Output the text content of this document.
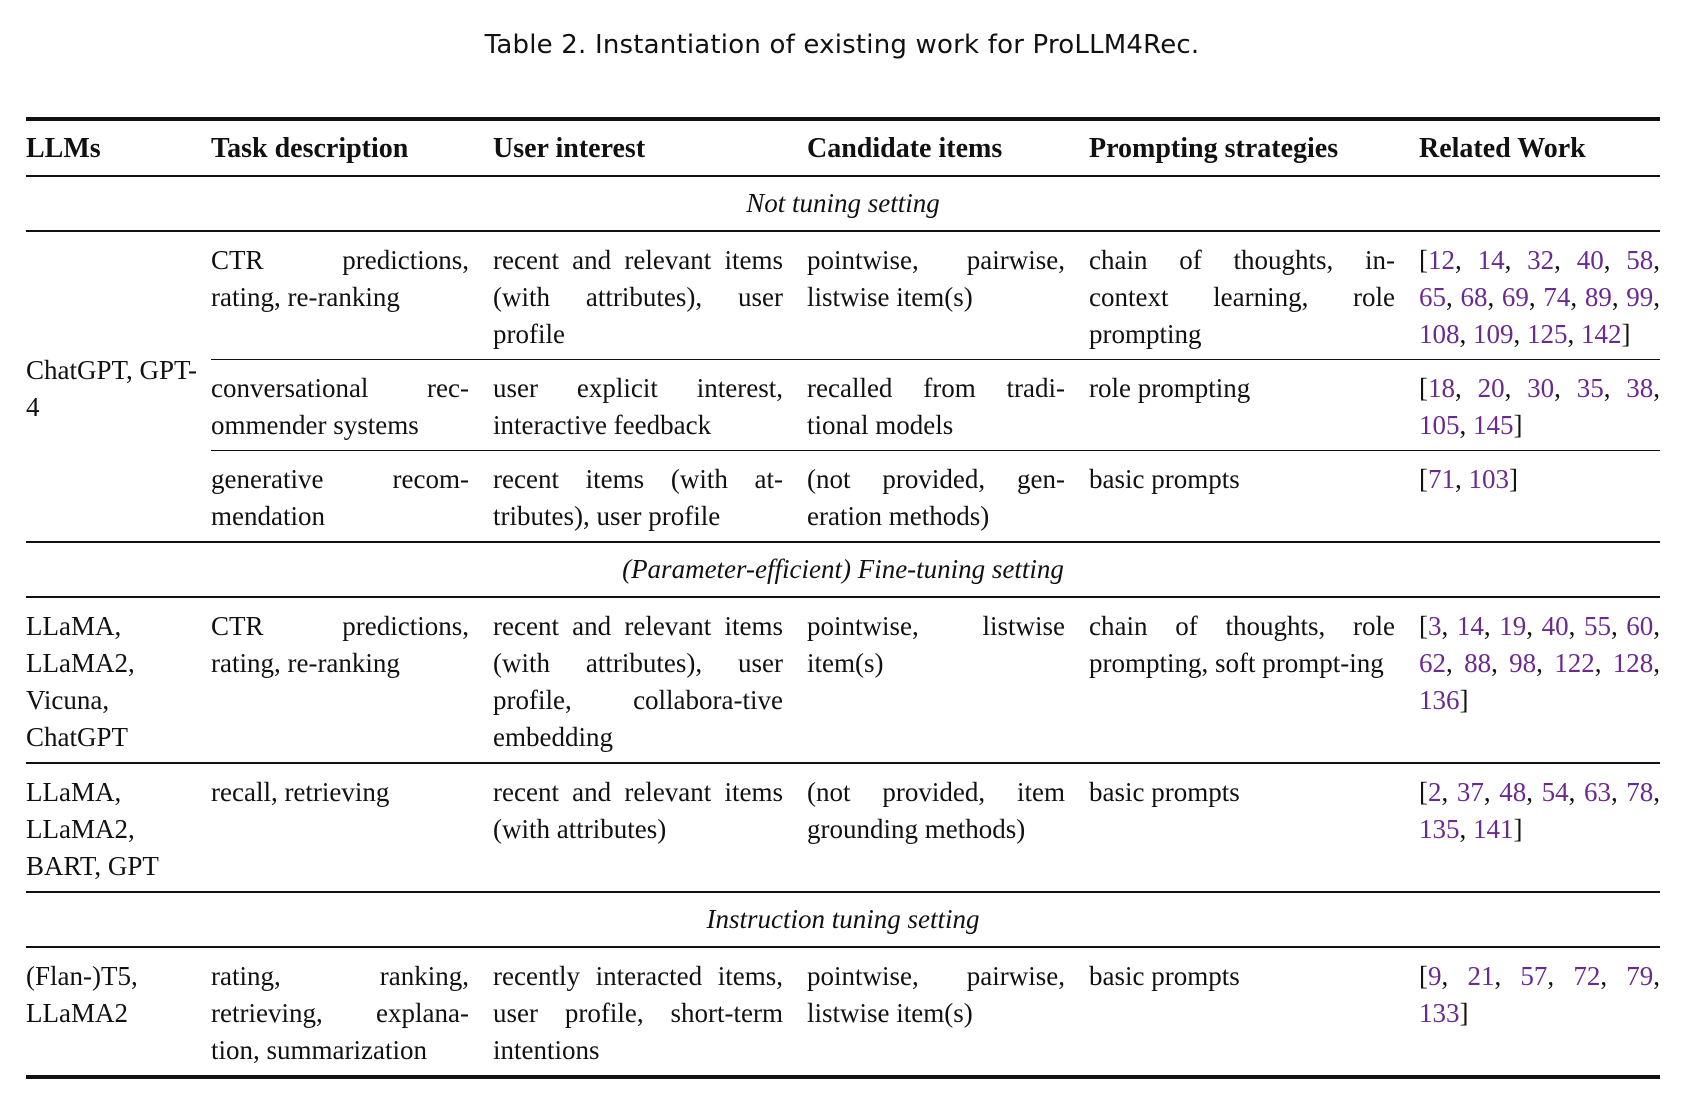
Table 2. Instantiation of existing work for ProLLM4Rec.
LLMs	Task description	User interest	Candidate items	Prompting strategies	Related Work
Not tuning setting					
ChatGPT, GPT-4	CTR predictions, rating, re-ranking	recent and relevant items (with attributes), user profile	pointwise, pairwise, listwise item(s)	chain of thoughts, in-context learning, role prompting	[12, 14, 32, 40, 58, 65, 68, 69, 74, 89, 99, 108, 109, 125, 142]
	conversational rec-ommender systems	user explicit interest, interactive feedback	recalled from tradi-tional models	role prompting	[18, 20, 30, 35, 38, 105, 145]
	generative recom-mendation	recent items (with at-tributes), user profile	(not provided, gen-eration methods)	basic prompts	[71, 103]
(Parameter-efficient) Fine-tuning setting					
LLaMA, LLaMA2, Vicuna, ChatGPT	CTR predictions, rating, re-ranking	recent and relevant items (with attributes), user profile, collabora-tive embedding	pointwise, listwise item(s)	chain of thoughts, role prompting, soft prompt-ing	[3, 14, 19, 40, 55, 60, 62, 88, 98, 122, 128, 136]
LLaMA, LLaMA2, BART, GPT	recall, retrieving	recent and relevant items (with attributes)	(not provided, item grounding methods)	basic prompts	[2, 37, 48, 54, 63, 78, 135, 141]
Instruction tuning setting					
(Flan-)T5, LLaMA2	rating, ranking, retrieving, explana-tion, summarization	recently interacted items, user profile, short-term intentions	pointwise, pairwise, listwise item(s)	basic prompts	[9, 21, 57, 72, 79, 133]
